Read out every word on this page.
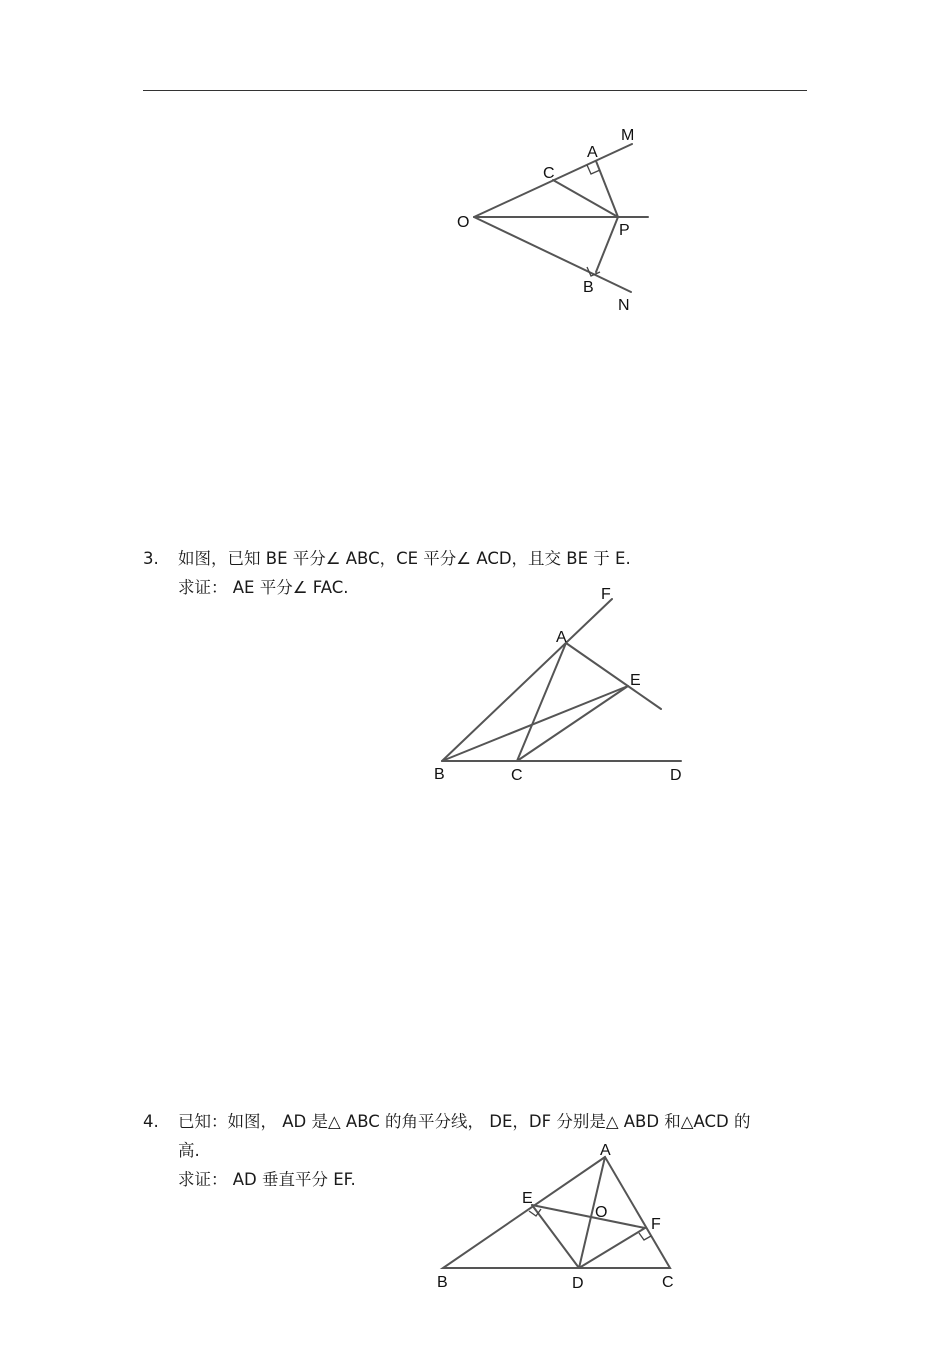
M
A
C
O	P
B
N
3. 如图，已知 BE 平分∠ ABC，CE 平分∠ ACD，且交 BE 于 E.
求证： AE 平分∠ FAC.	F
A
E
B	C	D
4. 已知：如图， AD 是△ ABC 的角平分线， DE，DF 分别是△ ABD 和△ACD 的
高.
求证： AD 垂直平分 EF.
A
E
O
F
B	D	C
